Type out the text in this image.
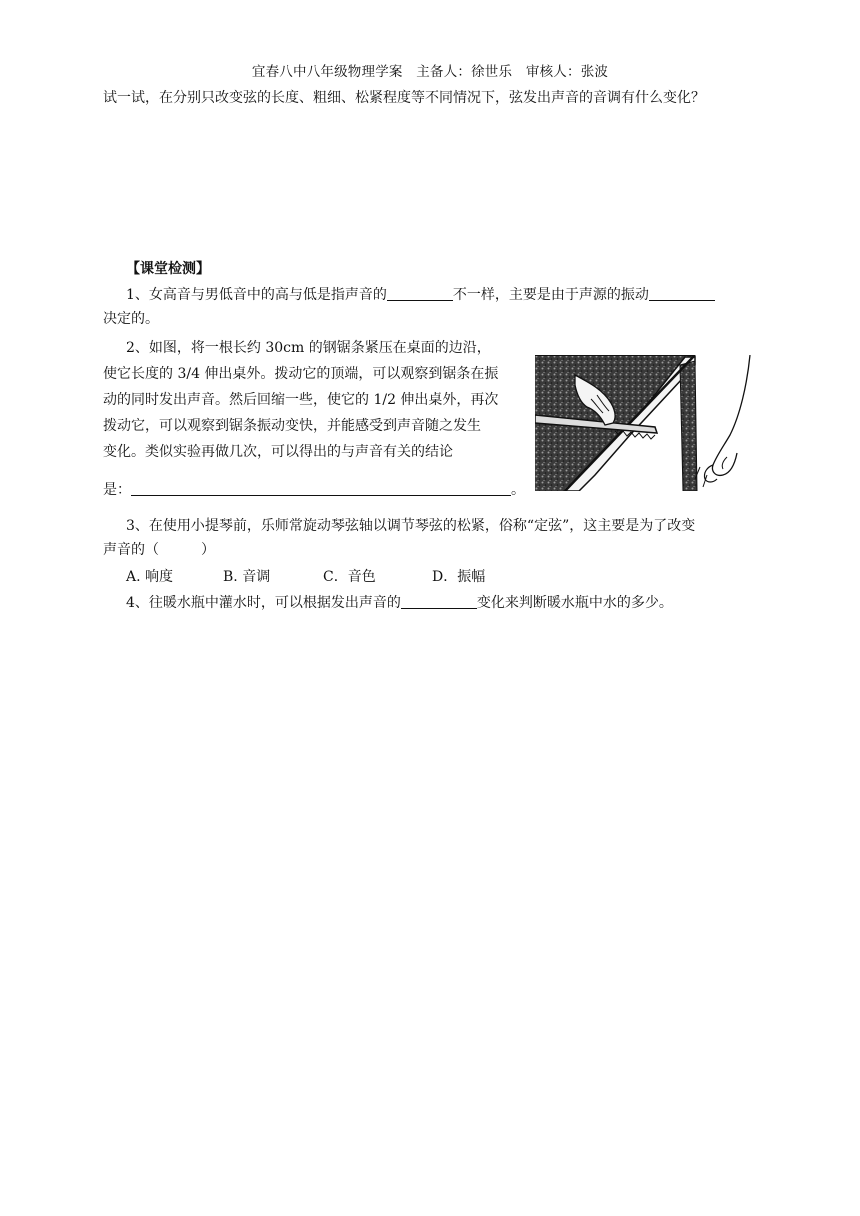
宜春八中八年级物理学案　主备人：徐世乐　审核人：张波
试一试，在分别只改变弦的长度、粗细、松紧程度等不同情况下，弦发出声音的音调有什么变化？
【课堂检测】
1、女高音与男低音中的高与低是指声音的	不一样，主要是由于声源的振动
决定的。
2、如图，将一根长约 30cm 的钢锯条紧压在桌面的边沿，
使它长度的 3/4 伸出桌外。拨动它的顶端，可以观察到锯条在振
动的同时发出声音。然后回缩一些，使它的 1/2 伸出桌外，再次
拨动它，可以观察到锯条振动变快，并能感受到声音随之发生
变化。类似实验再做几次，可以得出的与声音有关的结论
是：	。
3、在使用小提琴前，乐师常旋动琴弦轴以调节琴弦的松紧，俗称“定弦”，这主要是为了改变
声音的（　　　）
A. 响度	B. 音调	C．音色	D．振幅
4、往暖水瓶中灌水时，可以根据发出声音的	变化来判断暖水瓶中水的多少。
